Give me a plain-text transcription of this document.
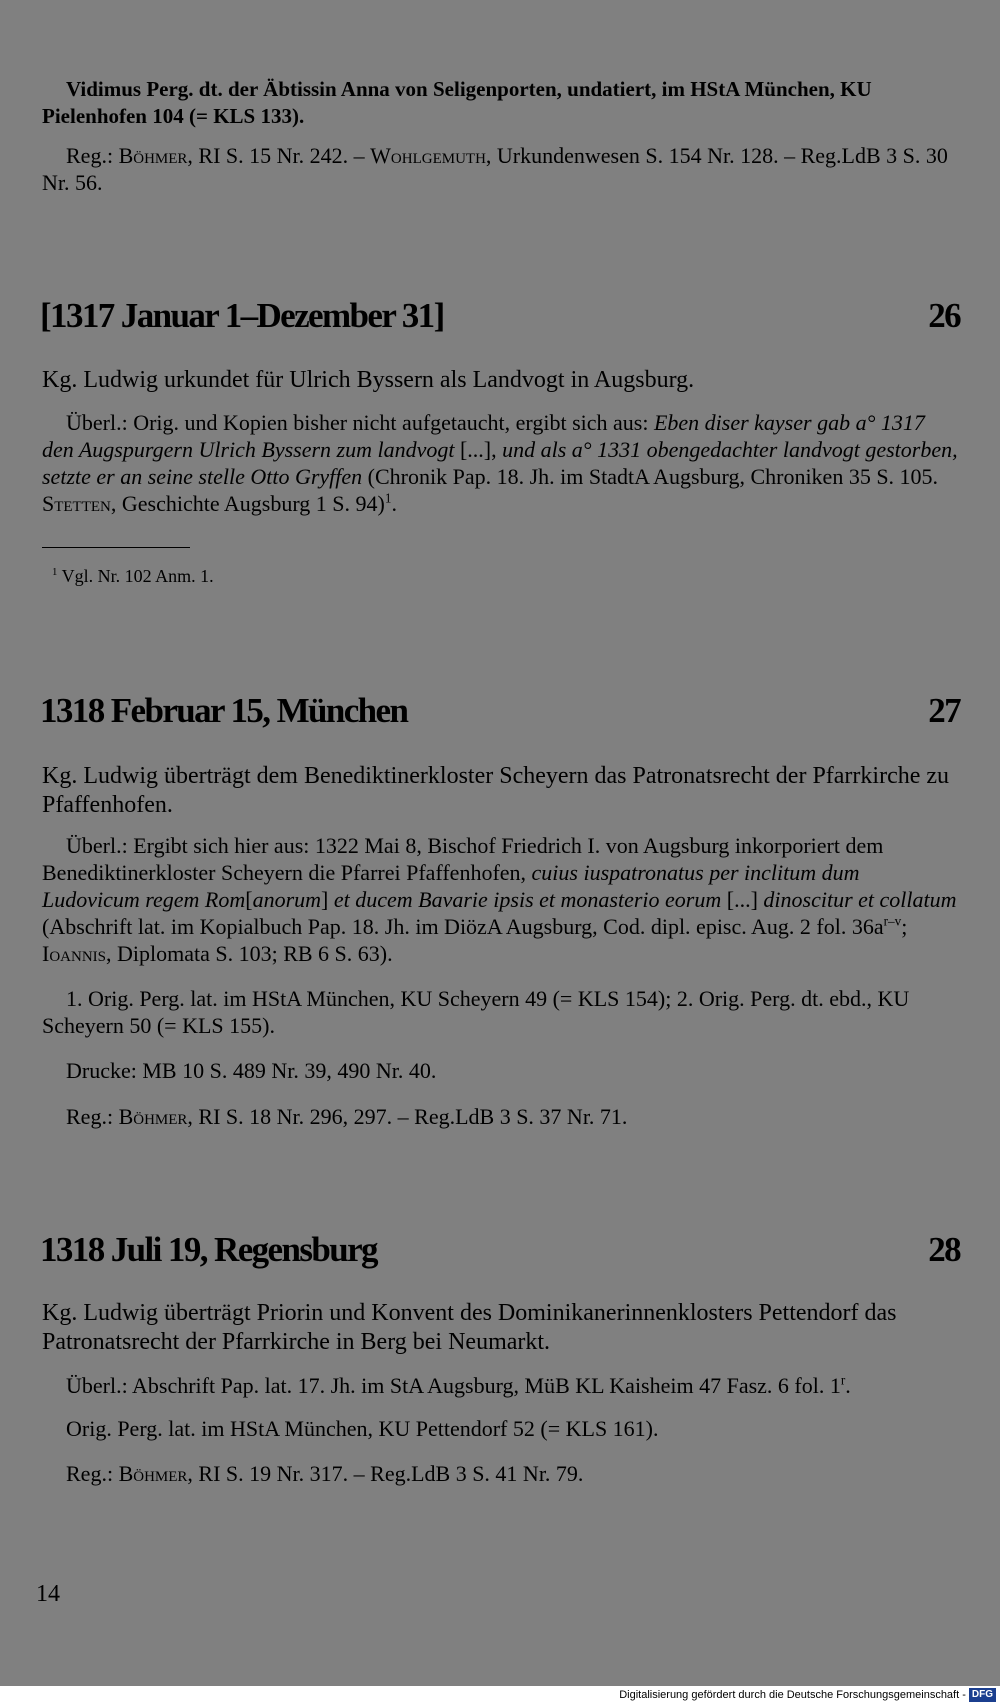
Vidimus Perg. dt. der Äbtissin Anna von Seligenporten, undatiert, im HStA München, KU Pielenhofen 104 (= KLS 133).

Reg.: Böhmer, RI S. 15 Nr. 242. – Wohlgemuth, Urkundenwesen S. 154 Nr. 128. – Reg.LdB 3 S. 30 Nr. 56.

[1317 Januar 1–Dezember 31]	26

Kg. Ludwig urkundet für Ulrich Byssern als Landvogt in Augsburg.

Überl.: Orig. und Kopien bisher nicht aufgetaucht, ergibt sich aus: Eben diser kayser gab a° 1317 den Augspurgern Ulrich Byssern zum landvogt [...], und als a° 1331 obengedachter landvogt gestorben, setzte er an seine stelle Otto Gryffen (Chronik Pap. 18. Jh. im StadtA Augsburg, Chroniken 35 S. 105. Stetten, Geschichte Augsburg 1 S. 94)$^1$.

$^1$ Vgl. Nr. 102 Anm. 1.
1318 Februar 15, München	27

Kg. Ludwig überträgt dem Benediktinerkloster Scheyern das Patronatsrecht der Pfarrkirche zu Pfaffenhofen.

Überl.: Ergibt sich hier aus: 1322 Mai 8, Bischof Friedrich I. von Augsburg inkorporiert dem Benediktinerkloster Scheyern die Pfarrei Pfaffenhofen, cuius iuspatronatus per inclitum dum Ludovicum regem Rom[anorum] et ducem Bavarie ipsis et monasterio eorum [...] dinoscitur et collatum (Abschrift lat. im Kopialbuch Pap. 18. Jh. im DiözA Augsburg, Cod. dipl. episc. Aug. 2 fol. $36a^{r-v}$; Ioannis, Diplomata S. 103; RB 6 S. 63).

1. Orig. Perg. lat. im HStA München, KU Scheyern 49 (= KLS 154); 2. Orig. Perg. dt. ebd., KU Scheyern 50 (= KLS 155).

Drucke: MB 10 S. 489 Nr. 39, 490 Nr. 40.

Reg.: Böhmer, RI S. 18 Nr. 296, 297. – Reg.LdB 3 S. 37 Nr. 71.

1318 Juli 19, Regensburg	28

Kg. Ludwig überträgt Priorin und Konvent des Dominikanerinnenklosters Pettendorf das Patronatsrecht der Pfarrkirche in Berg bei Neumarkt.

Überl.: Abschrift Pap. lat. 17. Jh. im StA Augsburg, MüB KL Kaisheim 47 Fasz. 6 fol. 1$^r$.

Orig. Perg. lat. im HStA München, KU Pettendorf 52 (= KLS 161).

Reg.: Böhmer, RI S. 19 Nr. 317. – Reg.LdB 3 S. 41 Nr. 79.

14
Digitalisierung gefördert durch die Deutsche Forschungsgemeinschaft - DFG
